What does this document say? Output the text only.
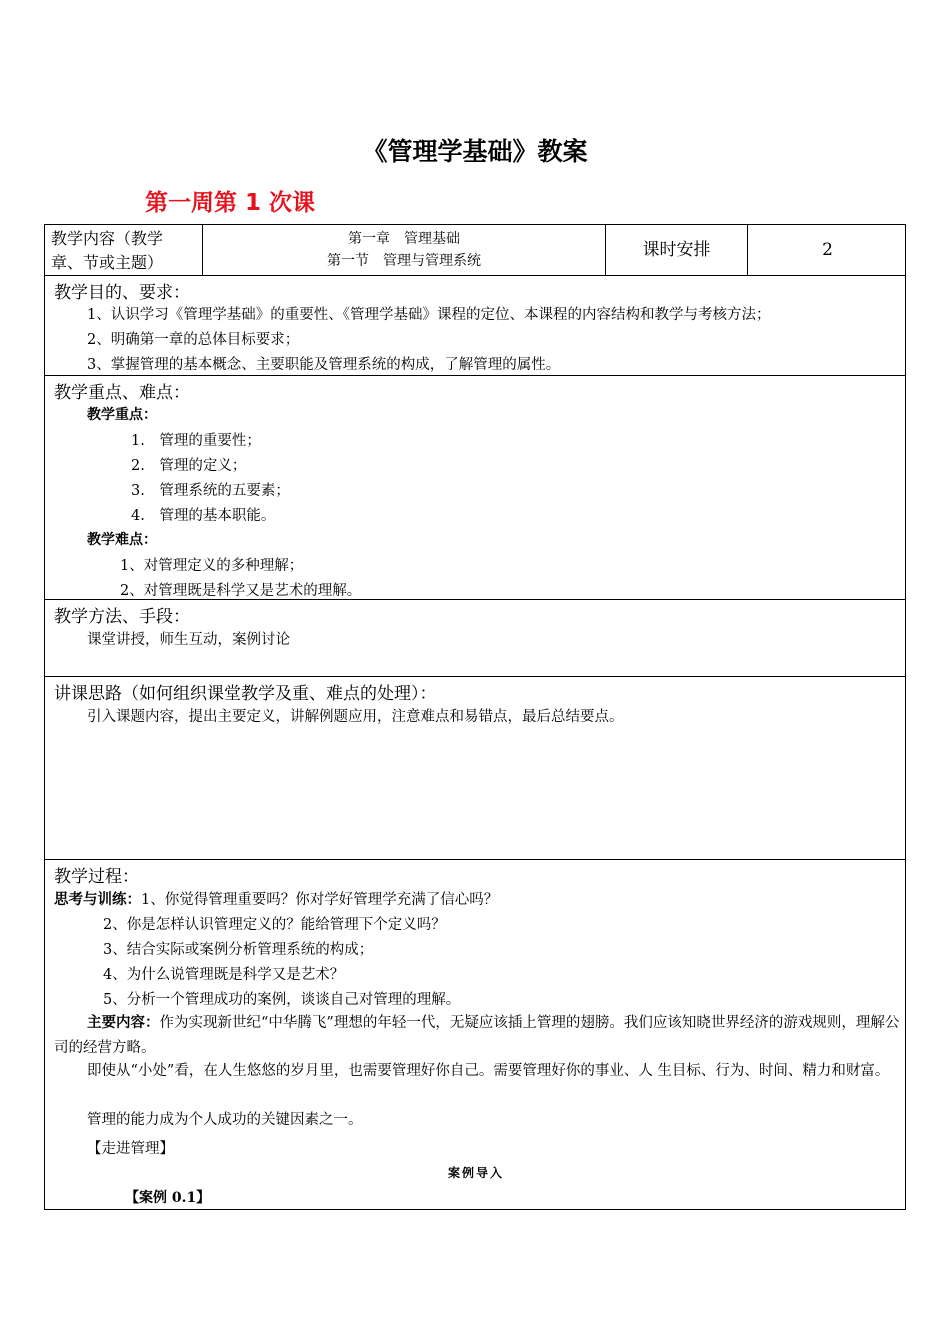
《管理学基础》教案
第一周第 1 次课
教学内容（教学
章、节或主题）
第一章　管理基础
第一节　管理与管理系统
课时安排	2
教学目的、要求：
1、认识学习《管理学基础》的重要性、《管理学基础》课程的定位、本课程的内容结构和教学与考核方法；
2、明确第一章的总体目标要求；
3、掌握管理的基本概念、主要职能及管理系统的构成，了解管理的属性。
教学重点、难点：
教学重点：
1.　管理的重要性；
2.　管理的定义；
3.　管理系统的五要素；
4.　管理的基本职能。
教学难点：
1、对管理定义的多种理解；
2、对管理既是科学又是艺术的理解。
教学方法、手段：
课堂讲授，师生互动，案例讨论
讲课思路（如何组织课堂教学及重、难点的处理）：
引入课题内容，提出主要定义，讲解例题应用，注意难点和易错点，最后总结要点。
教学过程：
思考与训练：1、你觉得管理重要吗？你对学好管理学充满了信心吗？
2、你是怎样认识管理定义的？能给管理下个定义吗？
3、结合实际或案例分析管理系统的构成；
4、为什么说管理既是科学又是艺术？
5、分析一个管理成功的案例，谈谈自己对管理的理解。
主要内容：作为实现新世纪“中华腾飞”理想的年轻一代，无疑应该插上管理的翅膀。我们应该知晓世界经济的游戏规则，理解公司的经营方略。
即使从“小处”看，在人生悠悠的岁月里，也需要管理好你自己。需要管理好你的事业、人 生目标、行为、时间、精力和财富。
管理的能力成为个人成功的关键因素之一。
【走进管理】
案例导入
【案例 0.1】
